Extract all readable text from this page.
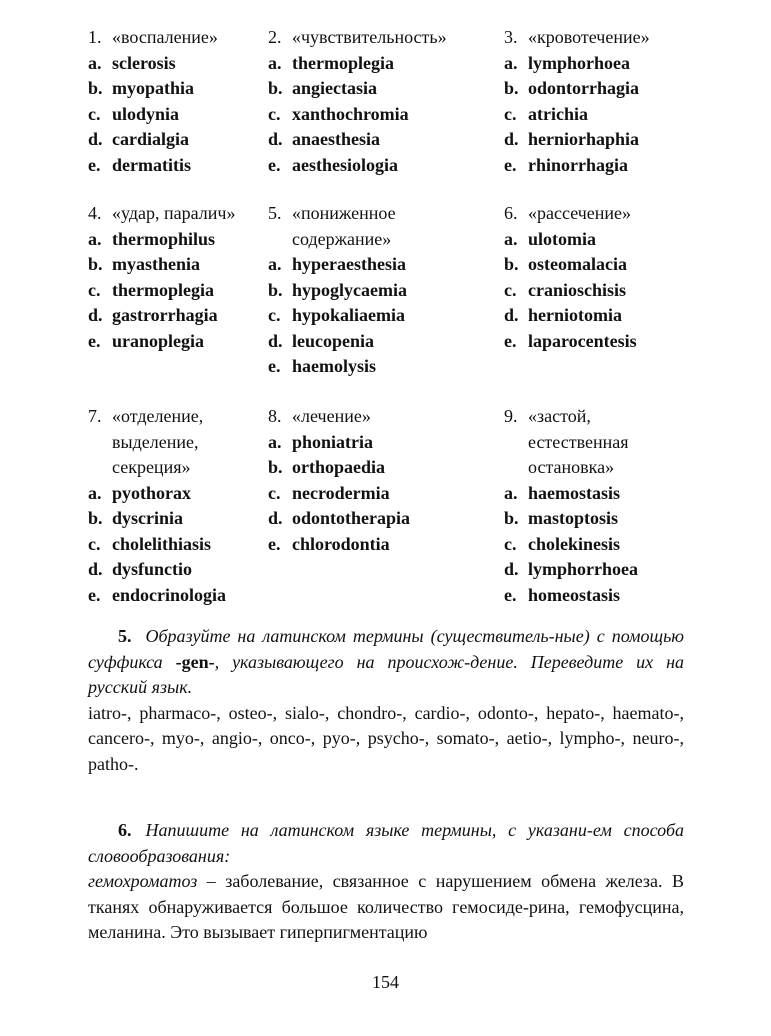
1. «воспаление»
a. sclerosis
b. myopathia
c. ulodynia
d. cardialgia
e. dermatitis
2. «чувствительность»
a. thermoplegia
b. angiectasia
c. xanthochromia
d. anaesthesia
e. aesthesiologia
3. «кровотечение»
a. lymphorhoea
b. odontorrhagia
c. atrichia
d. herniorhaphia
e. rhinorrhagia
4. «удар, паралич»
a. thermophilus
b. myasthenia
c. thermoplegia
d. gastrorrhagia
e. uranoplegia
5. «пониженное
содержание»
a. hyperaesthesia
b. hypoglycaemia
c. hypokaliaemia
d. leucopenia
e. haemolysis
6. «рассечение»
a. ulotomia
b. osteomalacia
c. cranioschisis
d. herniotomia
e. laparocentesis
7. «отделение,
выделение,
секреция»
a. pyothorax
b. dyscrinia
c. cholelithiasis
d. dysfunctio
e. endocrinologia
8. «лечение»
a. phoniatria
b. orthopaedia
c. necrodermia
d. odontotherapia
e. chlorodontia
9. «застой,
естественная
остановка»
a. haemostasis
b. mastoptosis
c. cholekinesis
d. lymphorrhoea
e. homeostasis
5. Образуйте на латинском термины (существитель-ные) с помощью суффикса -gen-, указывающего на происхож-дение. Переведите их на русский язык.
iatro-, pharmaco-, osteo-, sialo-, chondro-, cardio-, odonto-, hepato-, haemato-, cancero-, myo-, angio-, onco-, pyo-, psycho-, somato-, aetio-, lympho-, neuro-, patho-.
6. Напишите на латинском языке термины, с указани-ем способа словообразования:
гемохроматоз – заболевание, связанное с нарушением обмена железа. В тканях обнаруживается большое количество гемосиде-рина, гемофусцина, меланина. Это вызывает гиперпигментацию
154
